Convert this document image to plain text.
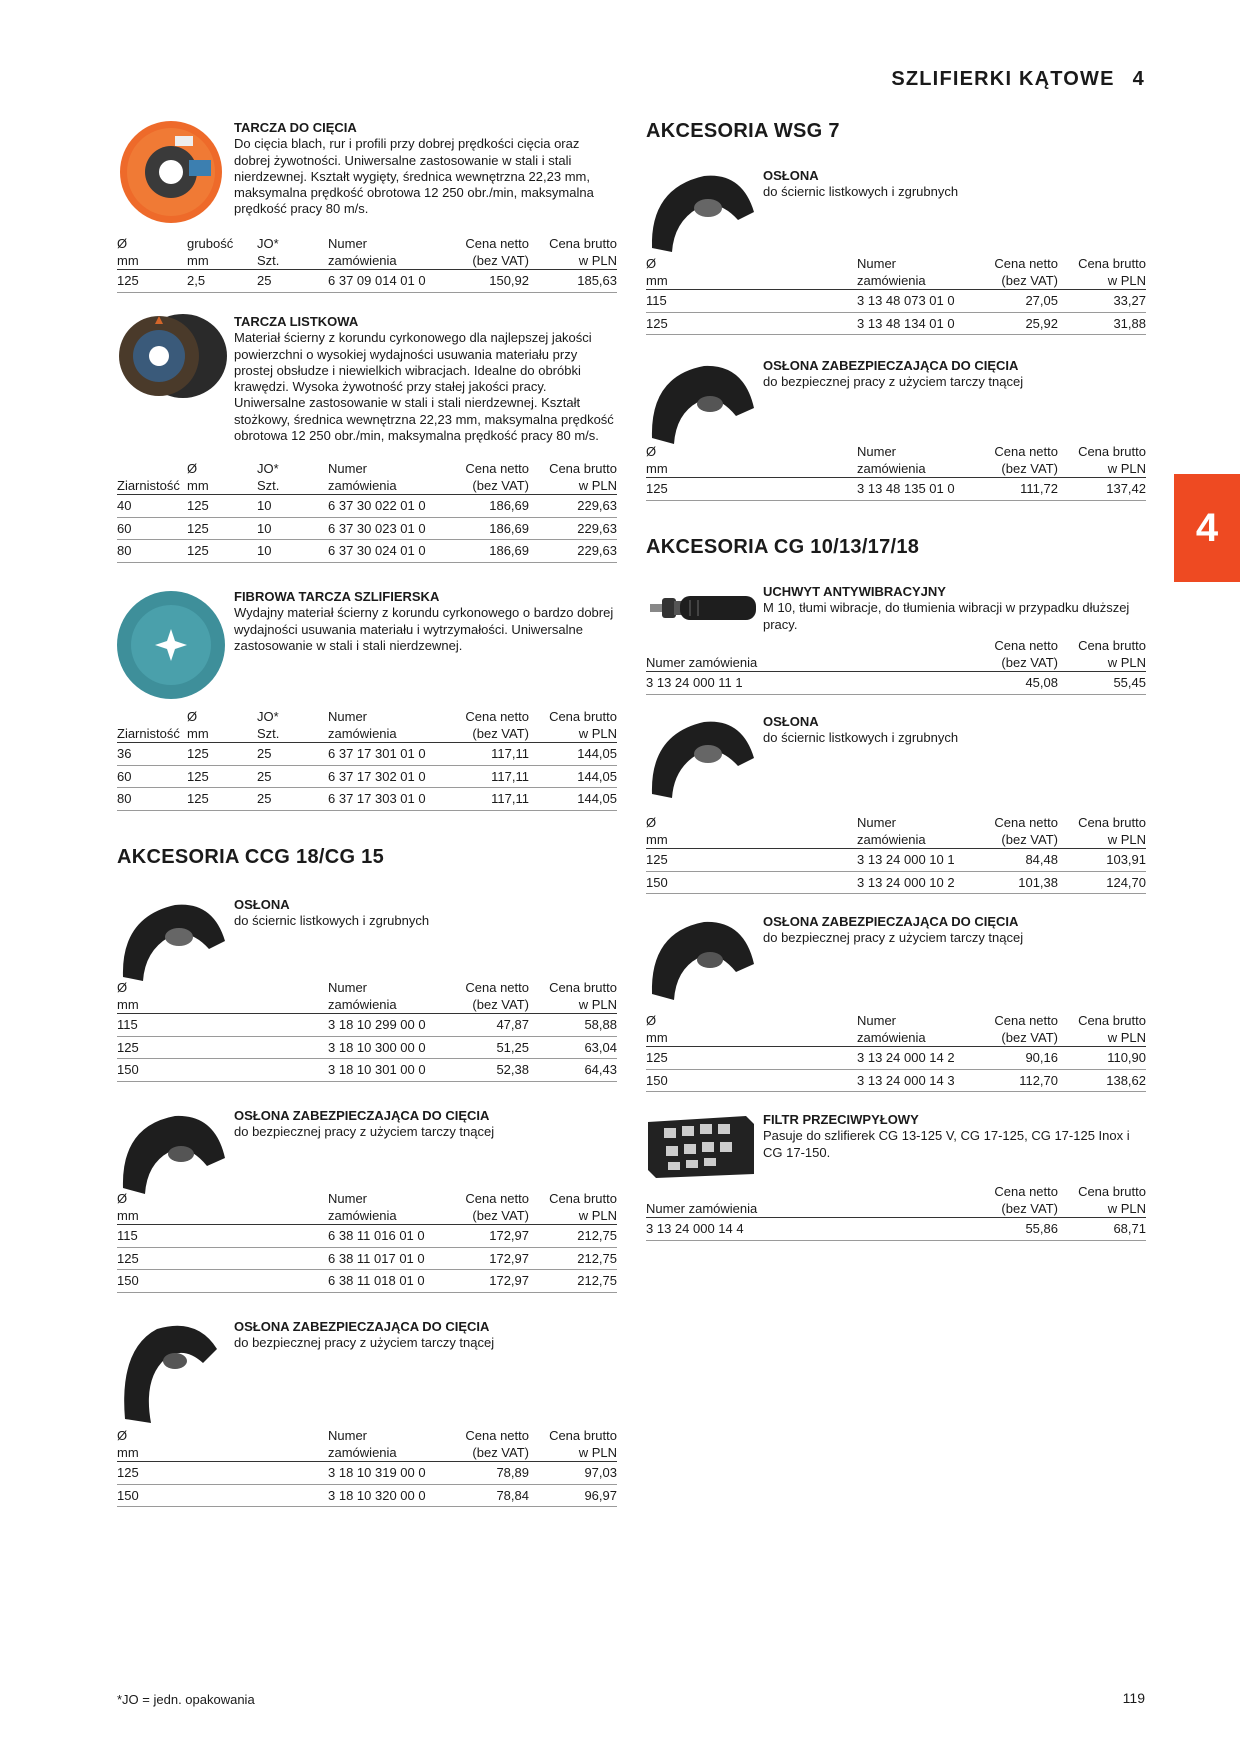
SZLIFIERKI KĄTOWE 4
4
TARCZA DO CIĘCIA
Do cięcia blach, rur i profili przy dobrej prędkości cięcia oraz dobrej żywotności. Uniwersalne zastosowanie w stali i stali nierdzewnej. Kształt wygięty, średnica wewnętrzna 22,23 mm, maksymalna prędkość obrotowa 12 250 obr./min, maksymalna prędkość pracy 80 m/s.
Ø
mm
grubość
mm
JO*
Szt.
Numer
zamówienia
Cena netto
(bez VAT)
Cena brutto
w PLN
125	2,5	25	6 37 09 014 01 0	150,92	185,63
TARCZA LISTKOWA
Materiał ścierny z korundu cyrkonowego dla najlepszej jakości powierzchni o wysokiej wydajności usuwania materiału przy prostej obsłudze i niewielkich wibracjach. Idealne do obróbki krawędzi. Wysoka żywotność przy stałej jakości pracy. Uniwersalne zastosowanie w stali i stali nierdzewnej. Kształt stożkowy, średnica wewnętrzna 22,23 mm, maksymalna prędkość obrotowa 12 250 obr./min, maksymalna prędkość pracy 80 m/s.

Ziarnistość
Ø
mm
JO*
Szt.
Numer
zamówienia
Cena netto
(bez VAT)
Cena brutto
w PLN
40	125	10	6 37 30 022 01 0	186,69	229,63
60	125	10	6 37 30 023 01 0	186,69	229,63
80	125	10	6 37 30 024 01 0	186,69	229,63
FIBROWA TARCZA SZLIFIERSKA
Wydajny materiał ścierny z korundu cyrkonowego o bardzo dobrej wydajności usuwania materiału i wytrzymałości. Uniwersalne zastosowanie w stali i stali nierdzewnej.

Ziarnistość
Ø
mm
JO*
Szt.
Numer
zamówienia
Cena netto
(bez VAT)
Cena brutto
w PLN
36	125	25	6 37 17 301 01 0	117,11	144,05
60	125	25	6 37 17 302 01 0	117,11	144,05
80	125	25	6 37 17 303 01 0	117,11	144,05
AKCESORIA CCG 18/CG 15
OSŁONA
do ściernic listkowych i zgrubnych
Ø
mm
Numer
zamówienia
Cena netto
(bez VAT)
Cena brutto
w PLN
115	3 18 10 299 00 0	47,87	58,88
125	3 18 10 300 00 0	51,25	63,04
150	3 18 10 301 00 0	52,38	64,43
OSŁONA ZABEZPIECZAJĄCA DO CIĘCIA
do bezpiecznej pracy z użyciem tarczy tnącej
Ø
mm
Numer
zamówienia
Cena netto
(bez VAT)
Cena brutto
w PLN
115	6 38 11 016 01 0	172,97	212,75
125	6 38 11 017 01 0	172,97	212,75
150	6 38 11 018 01 0	172,97	212,75
OSŁONA ZABEZPIECZAJĄCA DO CIĘCIA
do bezpiecznej pracy z użyciem tarczy tnącej
Ø
mm
Numer
zamówienia
Cena netto
(bez VAT)
Cena brutto
w PLN
125	3 18 10 319 00 0	78,89	97,03
150	3 18 10 320 00 0	78,84	96,97
AKCESORIA WSG 7
OSŁONA
do ściernic listkowych i zgrubnych
Ø
mm
Numer
zamówienia
Cena netto
(bez VAT)
Cena brutto
w PLN
115	3 13 48 073 01 0	27,05	33,27
125	3 13 48 134 01 0	25,92	31,88
OSŁONA ZABEZPIECZAJĄCA DO CIĘCIA
do bezpiecznej pracy z użyciem tarczy tnącej
Ø
mm
Numer
zamówienia
Cena netto
(bez VAT)
Cena brutto
w PLN
125	3 13 48 135 01 0	111,72	137,42
AKCESORIA CG 10/13/17/18
UCHWYT ANTYWIBRACYJNY
M 10, tłumi wibracje, do tłumienia wibracji w przypadku dłuższej pracy.

Numer zamówienia
Cena netto
(bez VAT)
Cena brutto
w PLN
3 13 24 000 11 1	45,08	55,45
OSŁONA
do ściernic listkowych i zgrubnych
Ø
mm
Numer
zamówienia
Cena netto
(bez VAT)
Cena brutto
w PLN
125	3 13 24 000 10 1	84,48	103,91
150	3 13 24 000 10 2	101,38	124,70
OSŁONA ZABEZPIECZAJĄCA DO CIĘCIA
do bezpiecznej pracy z użyciem tarczy tnącej
Ø
mm
Numer
zamówienia
Cena netto
(bez VAT)
Cena brutto
w PLN
125	3 13 24 000 14 2	90,16	110,90
150	3 13 24 000 14 3	112,70	138,62
FILTR PRZECIWPYŁOWY
Pasuje do szlifierek CG 13-125 V, CG 17-125, CG 17-125 Inox i CG 17-150.

Numer zamówienia
Cena netto
(bez VAT)
Cena brutto
w PLN
3 13 24 000 14 4	55,86	68,71
*JO = jedn. opakowania	119
